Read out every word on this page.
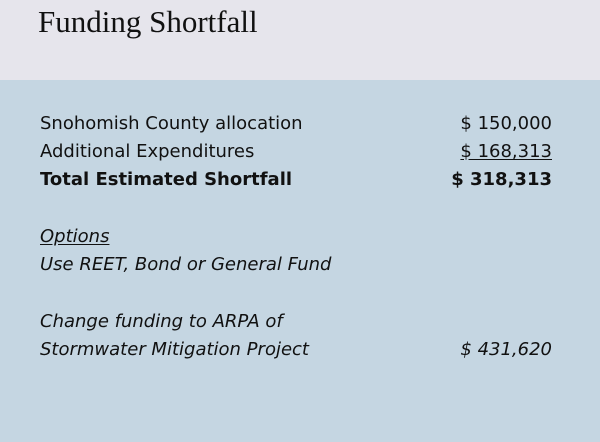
Funding Shortfall
Snohomish County allocation	$ 150,000
Additional Expenditures	$ 168,313
Total Estimated Shortfall	$ 318,313
Options
Use REET, Bond or General Fund
Change funding to ARPA of
Stormwater Mitigation Project	$ 431,620
